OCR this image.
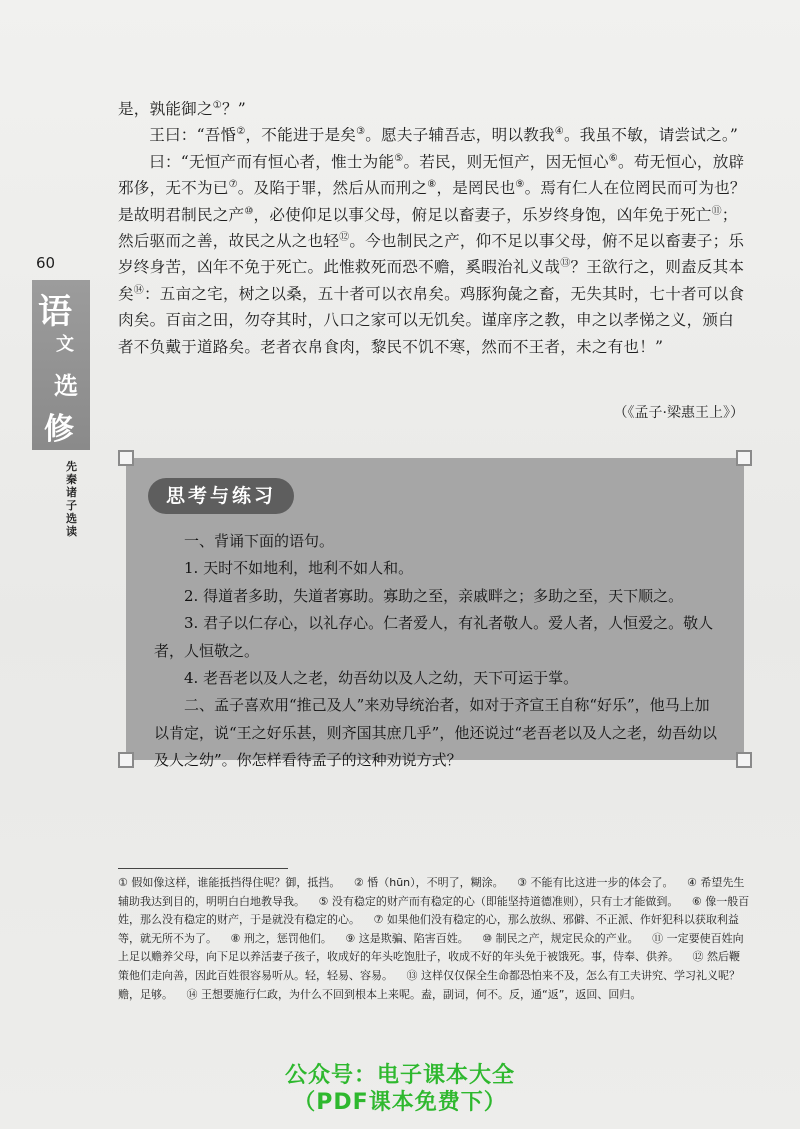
60
语
文
选
修
先秦诸子选读

是，孰能御之①？”

王曰：“吾惛②，不能进于是矣③。愿夫子辅吾志，明以教我④。我虽不敏，请尝试之。”

曰：“无恒产而有恒心者，惟士为能⑤。若民，则无恒产，因无恒心⑥。苟无恒心，放辟邪侈，无不为已⑦。及陷于罪，然后从而刑之⑧，是罔民也⑨。焉有仁人在位罔民而可为也？是故明君制民之产⑩，必使仰足以事父母，俯足以畜妻子，乐岁终身饱，凶年免于死亡⑪；然后驱而之善，故民之从之也轻⑫。今也制民之产，仰不足以事父母，俯不足以畜妻子；乐岁终身苦，凶年不免于死亡。此惟救死而恐不赡，奚暇治礼义哉⑬？王欲行之，则盍反其本矣⑭：五亩之宅，树之以桑，五十者可以衣帛矣。鸡豚狗彘之畜，无失其时，七十者可以食肉矣。百亩之田，勿夺其时，八口之家可以无饥矣。谨庠序之教，申之以孝悌之义，颁白者不负戴于道路矣。老者衣帛食肉，黎民不饥不寒，然而不王者，未之有也！”

（《孟子·梁惠王上》）
思考与练习

一、背诵下面的语句。

1. 天时不如地利，地利不如人和。

2. 得道者多助，失道者寡助。寡助之至，亲戚畔之；多助之至，天下顺之。

3. 君子以仁存心，以礼存心。仁者爱人，有礼者敬人。爱人者，人恒爱之。敬人者，人恒敬之。

4. 老吾老以及人之老，幼吾幼以及人之幼，天下可运于掌。

二、孟子喜欢用“推己及人”来劝导统治者，如对于齐宣王自称“好乐”，他马上加以肯定，说“王之好乐甚，则齐国其庶几乎”，他还说过“老吾老以及人之老，幼吾幼以及人之幼”。你怎样看待孟子的这种劝说方式？

① 假如像这样，谁能抵挡得住呢？御，抵挡。 ② 惛（hūn），不明了，糊涂。 ③ 不能有比这进一步的体会了。 ④ 希望先生辅助我达到目的，明明白白地教导我。 ⑤ 没有稳定的财产而有稳定的心（即能坚持道德准则），只有士才能做到。 ⑥ 像一般百姓，那么没有稳定的财产，于是就没有稳定的心。 ⑦ 如果他们没有稳定的心，那么放纵、邪僻、不正派、作奸犯科以获取利益等，就无所不为了。 ⑧ 刑之，惩罚他们。 ⑨ 这是欺骗、陷害百姓。 ⑩ 制民之产，规定民众的产业。 ⑪ 一定要使百姓向上足以赡养父母，向下足以养活妻子孩子，收成好的年头吃饱肚子，收成不好的年头免于被饿死。事，侍奉、供养。 ⑫ 然后鞭策他们走向善，因此百姓很容易听从。轻，轻易、容易。 ⑬ 这样仅仅保全生命都恐怕来不及，怎么有工夫讲究、学习礼义呢？赡，足够。 ⑭ 王想要施行仁政，为什么不回到根本上来呢。盍，副词，何不。反，通“返”，返回、回归。
公众号：电子课本大全
（PDF课本免费下）
